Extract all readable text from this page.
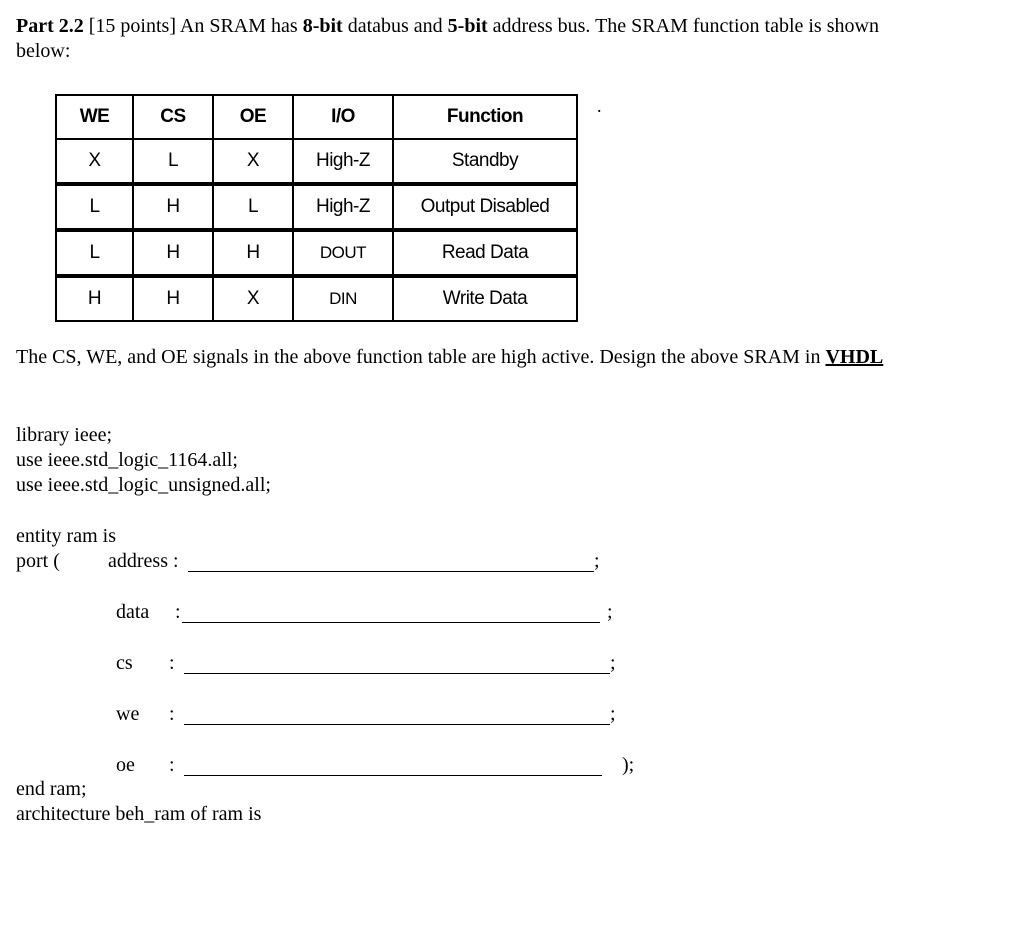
Part 2.2 [15 points] An SRAM has 8-bit databus and 5-bit address bus. The SRAM function table is shown
below:
WE	CS	OE	I/O	Function
X	L	X	High-Z	Standby
L	H	L	High-Z	Output Disabled
L	H	H	DOUT	Read Data
H	H	X	DIN	Write Data
.
The CS, WE, and OE signals in the above function table are high active. Design the above SRAM in VHDL
library ieee;
use ieee.std_logic_1164.all;
use ieee.std_logic_unsigned.all;
entity ram is
port ( address :	;
data :	;
cs :	;
we :	;
oe :	);
end ram;
architecture beh_ram of ram is
